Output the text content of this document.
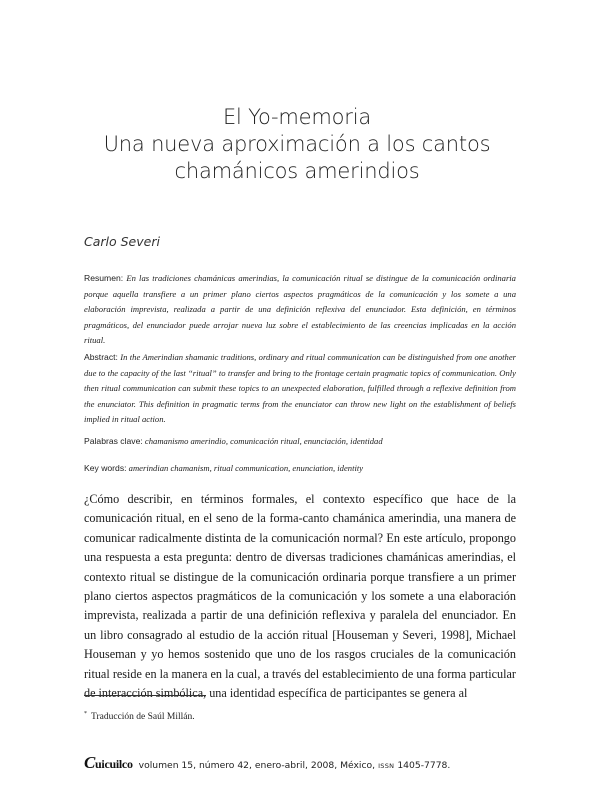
El Yo-memoria
Una nueva aproximación a los cantos
chamánicos amerindios
Carlo Severi
Resumen: En las tradiciones chamánicas amerindias, la comunicación ritual se distingue de la comunicación ordinaria porque aquella transfiere a un primer plano ciertos aspectos pragmáticos de la comunicación y los somete a una elaboración imprevista, realizada a partir de una definición reflexiva del enunciador. Esta definición, en términos pragmáticos, del enunciador puede arrojar nueva luz sobre el establecimiento de las creencias implicadas en la acción ritual.
Abstract: In the Amerindian shamanic traditions, ordinary and ritual communication can be distinguished from one another due to the capacity of the last “ritual” to transfer and bring to the frontage certain pragmatic topics of communication. Only then ritual communication can submit these topics to an unexpected elaboration, fulfilled through a reflexive definition from the enunciator. This definition in pragmatic terms from the enunciator can throw new light on the establishment of beliefs implied in ritual action.
Palabras clave: chamanismo amerindio, comunicación ritual, enunciación, identidad
Key words: amerindian chamanism, ritual communication, enunciation, identity
¿Cómo describir, en términos formales, el contexto específico que hace de la comunicación ritual, en el seno de la forma-canto chamánica amerindia, una manera de comunicar radicalmente distinta de la comunicación normal? En este artículo, propongo una respuesta a esta pregunta: dentro de diversas tradiciones chamánicas amerindias, el contexto ritual se distingue de la comunicación ordinaria porque transfiere a un primer plano ciertos aspectos pragmáticos de la comunicación y los somete a una elaboración imprevista, realizada a partir de una definición reflexiva y paralela del enunciador. En un libro consagrado al estudio de la acción ritual [Houseman y Severi, 1998], Michael Houseman y yo hemos sostenido que uno de los rasgos cruciales de la comunicación ritual reside en la manera en la cual, a través del establecimiento de una forma particular de interacción simbólica, una identidad específica de participantes se genera al
* Traducción de Saúl Millán.
Cuicuilco volumen 15, número 42, enero-abril, 2008, México, ISSN 1405-7778.
